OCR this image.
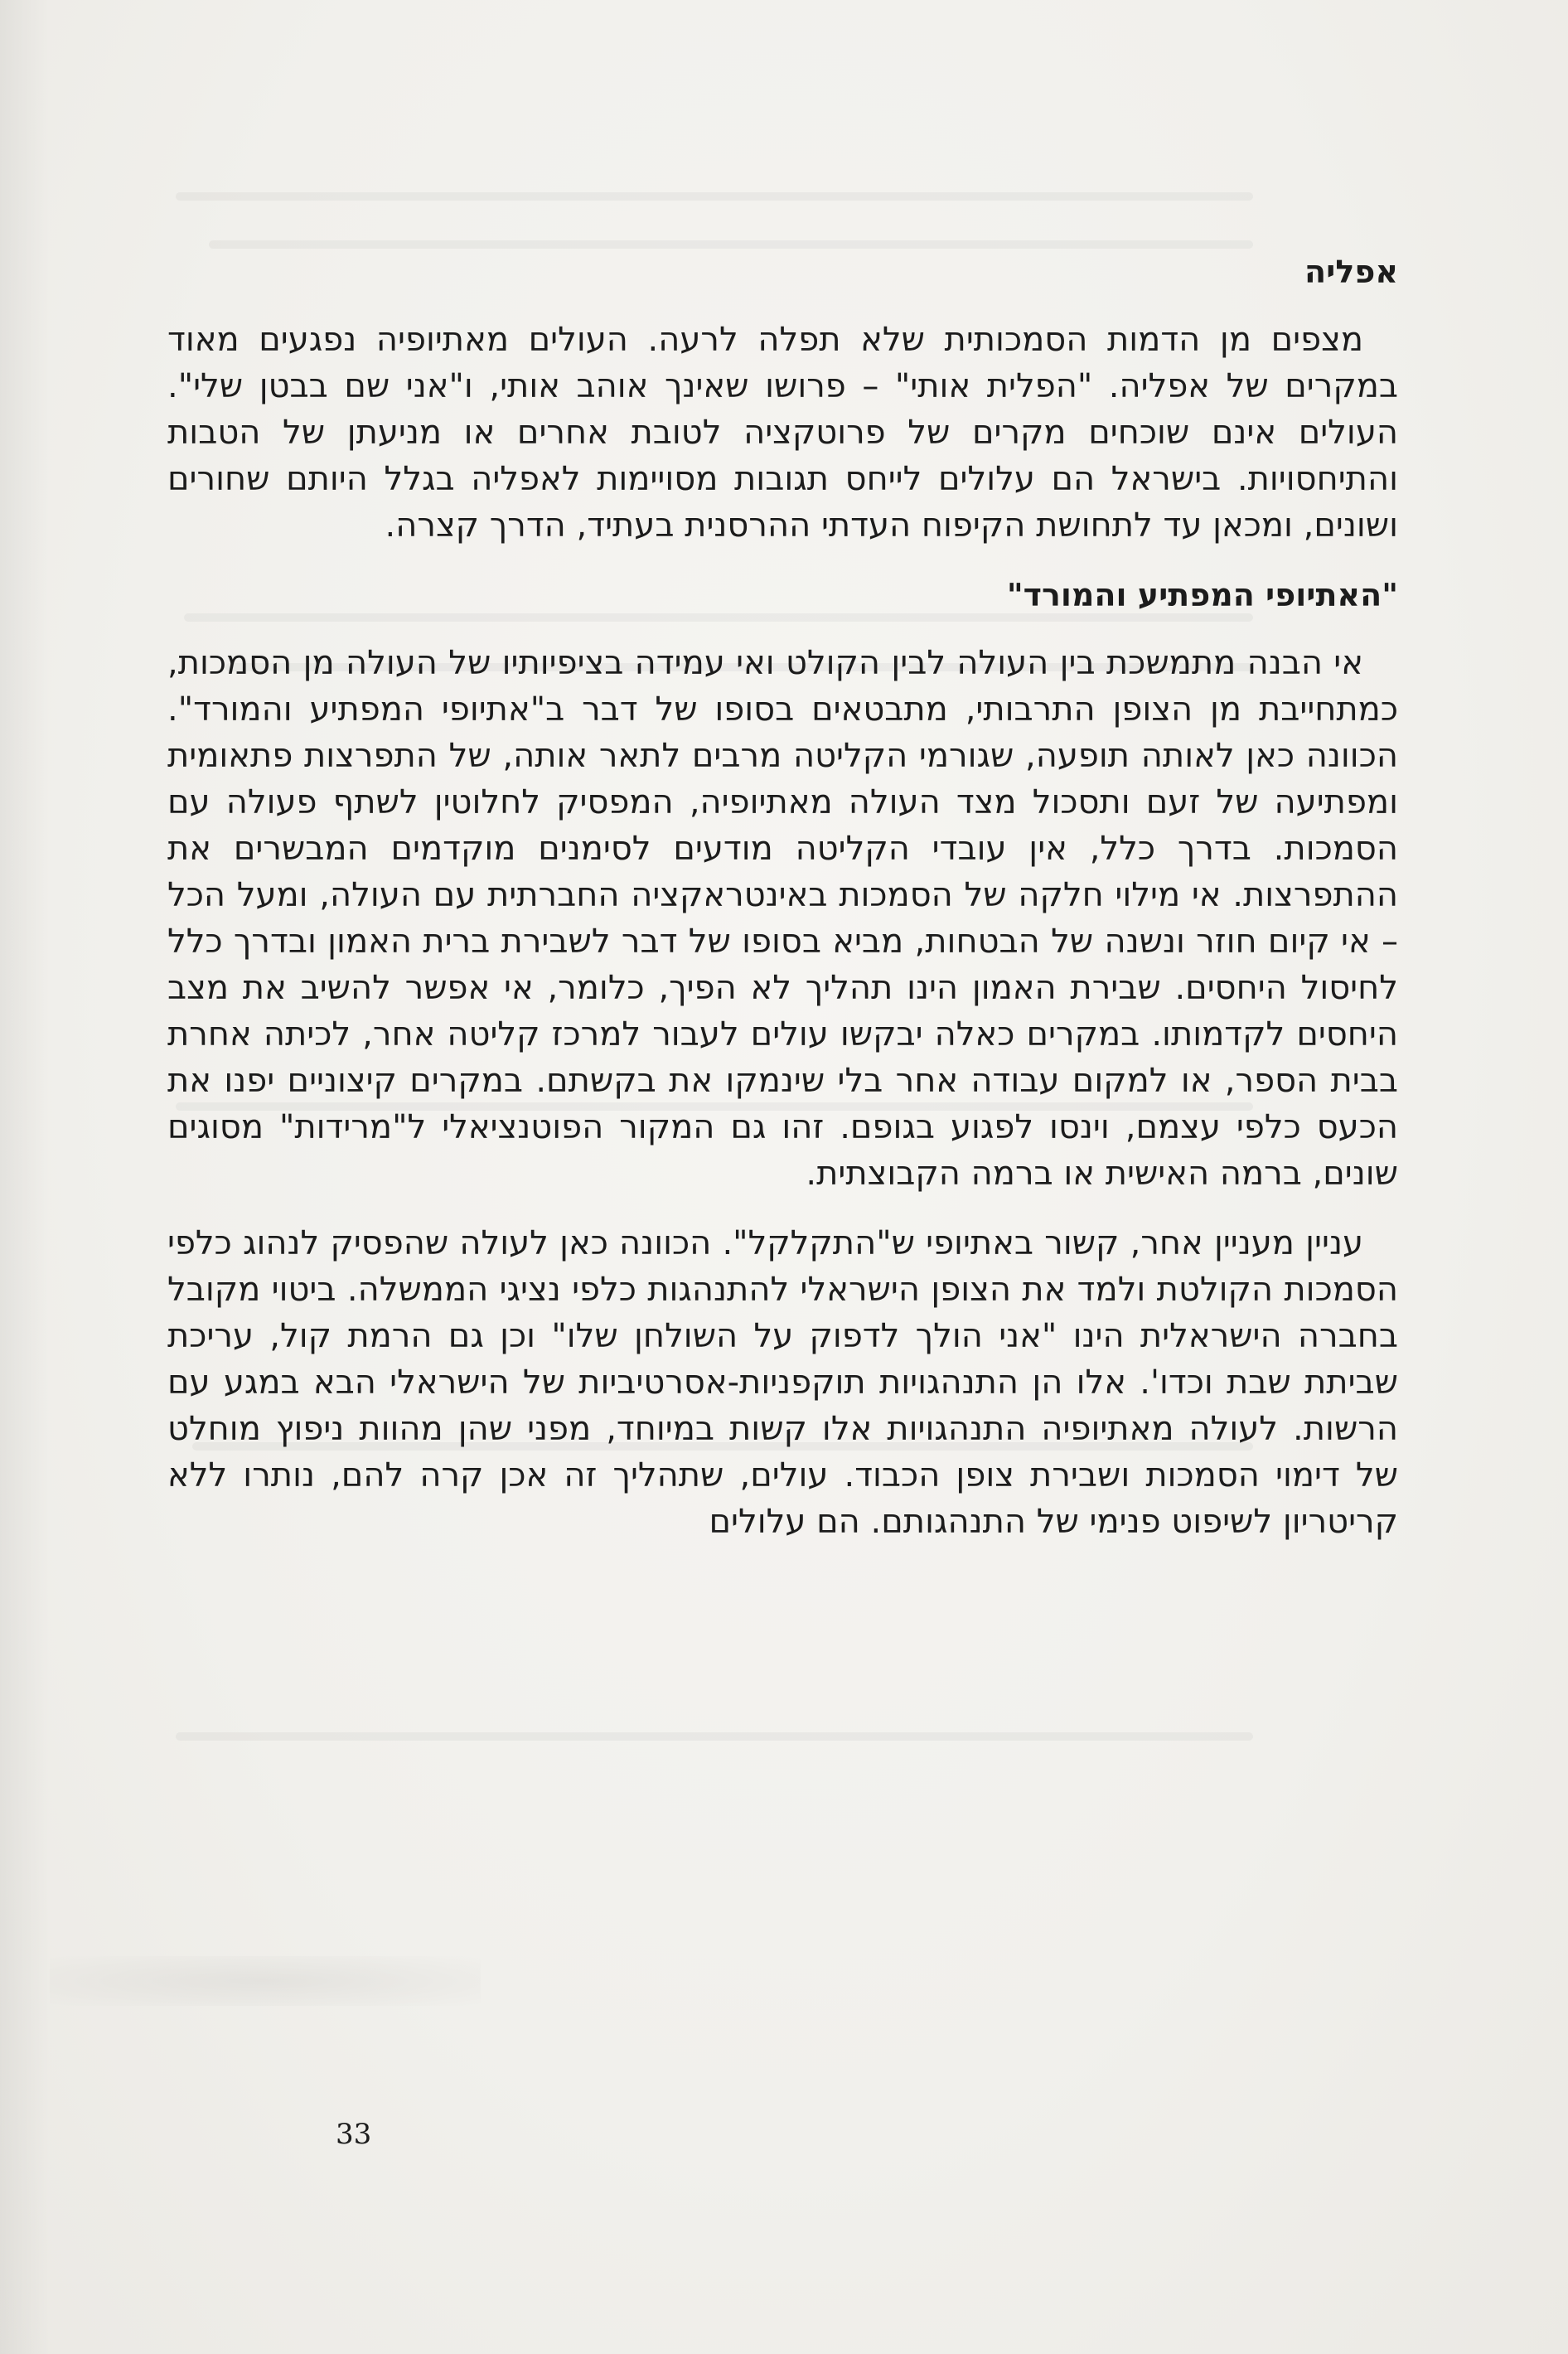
אפליה

מצפים מן הדמות הסמכותית שלא תפלה לרעה. העולים מאתיופיה נפגעים מאוד במקרים של אפליה. "הפלית אותי" – פרושו שאינך אוהב אותי, ו"אני שם בבטן שלי". העולים אינם שוכחים מקרים של פרוטקציה לטובת אחרים או מניעתן של הטבות והתיחסויות. בישראל הם עלולים לייחס תגובות מסויימות לאפליה בגלל היותם שחורים ושונים, ומכאן עד לתחושת הקיפוח העדתי ההרסנית בעתיד, הדרך קצרה.

"האתיופי המפתיע והמורד"

אי הבנה מתמשכת בין העולה לבין הקולט ואי עמידה בציפיותיו של העולה מן הסמכות, כמתחייבת מן הצופן התרבותי, מתבטאים בסופו של דבר ב"אתיופי המפתיע והמורד". הכוונה כאן לאותה תופעה, שגורמי הקליטה מרבים לתאר אותה, של התפרצות פתאומית ומפתיעה של זעם ותסכול מצד העולה מאתיופיה, המפסיק לחלוטין לשתף פעולה עם הסמכות. בדרך כלל, אין עובדי הקליטה מודעים לסימנים מוקדמים המבשרים את ההתפרצות. אי מילוי חלקה של הסמכות באינטראקציה החברתית עם העולה, ומעל הכל – אי קיום חוזר ונשנה של הבטחות, מביא בסופו של דבר לשבירת ברית האמון ובדרך כלל לחיסול היחסים. שבירת האמון הינו תהליך לא הפיך, כלומר, אי אפשר להשיב את מצב היחסים לקדמותו. במקרים כאלה יבקשו עולים לעבור למרכז קליטה אחר, לכיתה אחרת בבית הספר, או למקום עבודה אחר בלי שינמקו את בקשתם. במקרים קיצוניים יפנו את הכעס כלפי עצמם, וינסו לפגוע בגופם. זהו גם המקור הפוטנציאלי ל"מרידות" מסוגים שונים, ברמה האישית או ברמה הקבוצתית.

עניין מעניין אחר, קשור באתיופי ש"התקלקל". הכוונה כאן לעולה שהפסיק לנהוג כלפי הסמכות הקולטת ולמד את הצופן הישראלי להתנהגות כלפי נציגי הממשלה. ביטוי מקובל בחברה הישראלית הינו "אני הולך לדפוק על השולחן שלו" וכן גם הרמת קול, עריכת שביתת שבת וכדו'. אלו הן התנהגויות תוקפניות-אסרטיביות של הישראלי הבא במגע עם הרשות. לעולה מאתיופיה התנהגויות אלו קשות במיוחד, מפני שהן מהוות ניפוץ מוחלט של דימוי הסמכות ושבירת צופן הכבוד. עולים, שתהליך זה אכן קרה להם, נותרו ללא קריטריון לשיפוט פנימי של התנהגותם. הם עלולים

33
